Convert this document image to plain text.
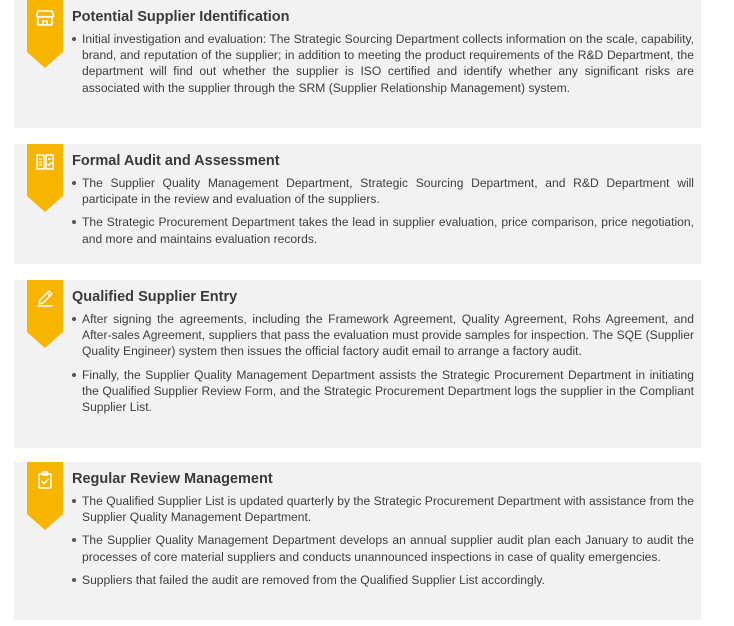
Potential Supplier Identification
Initial investigation and evaluation: The Strategic Sourcing Department collects information on the scale, capability, brand, and reputation of the supplier; in addition to meeting the product requirements of the R&D Department, the department will find out whether the supplier is ISO certified and identify whether any significant risks are associated with the supplier through the SRM (Supplier Relationship Management) system.
Formal Audit and Assessment
The Supplier Quality Management Department, Strategic Sourcing Department, and R&D Department will participate in the review and evaluation of the suppliers.
The Strategic Procurement Department takes the lead in supplier evaluation, price comparison, price negotiation, and more and maintains evaluation records.
Qualified Supplier Entry
After signing the agreements, including the Framework Agreement, Quality Agreement, Rohs Agreement, and After-sales Agreement, suppliers that pass the evaluation must provide samples for inspection. The SQE (Supplier Quality Engineer) system then issues the official factory audit email to arrange a factory audit.
Finally, the Supplier Quality Management Department assists the Strategic Procurement Department in initiating the Qualified Supplier Review Form, and the Strategic Procurement Department logs the supplier in the Compliant Supplier List.
Regular Review Management
The Qualified Supplier List is updated quarterly by the Strategic Procurement Department with assistance from the Supplier Quality Management Department.
The Supplier Quality Management Department develops an annual supplier audit plan each January to audit the processes of core material suppliers and conducts unannounced inspections in case of quality emergencies.
Suppliers that failed the audit are removed from the Qualified Supplier List accordingly.
